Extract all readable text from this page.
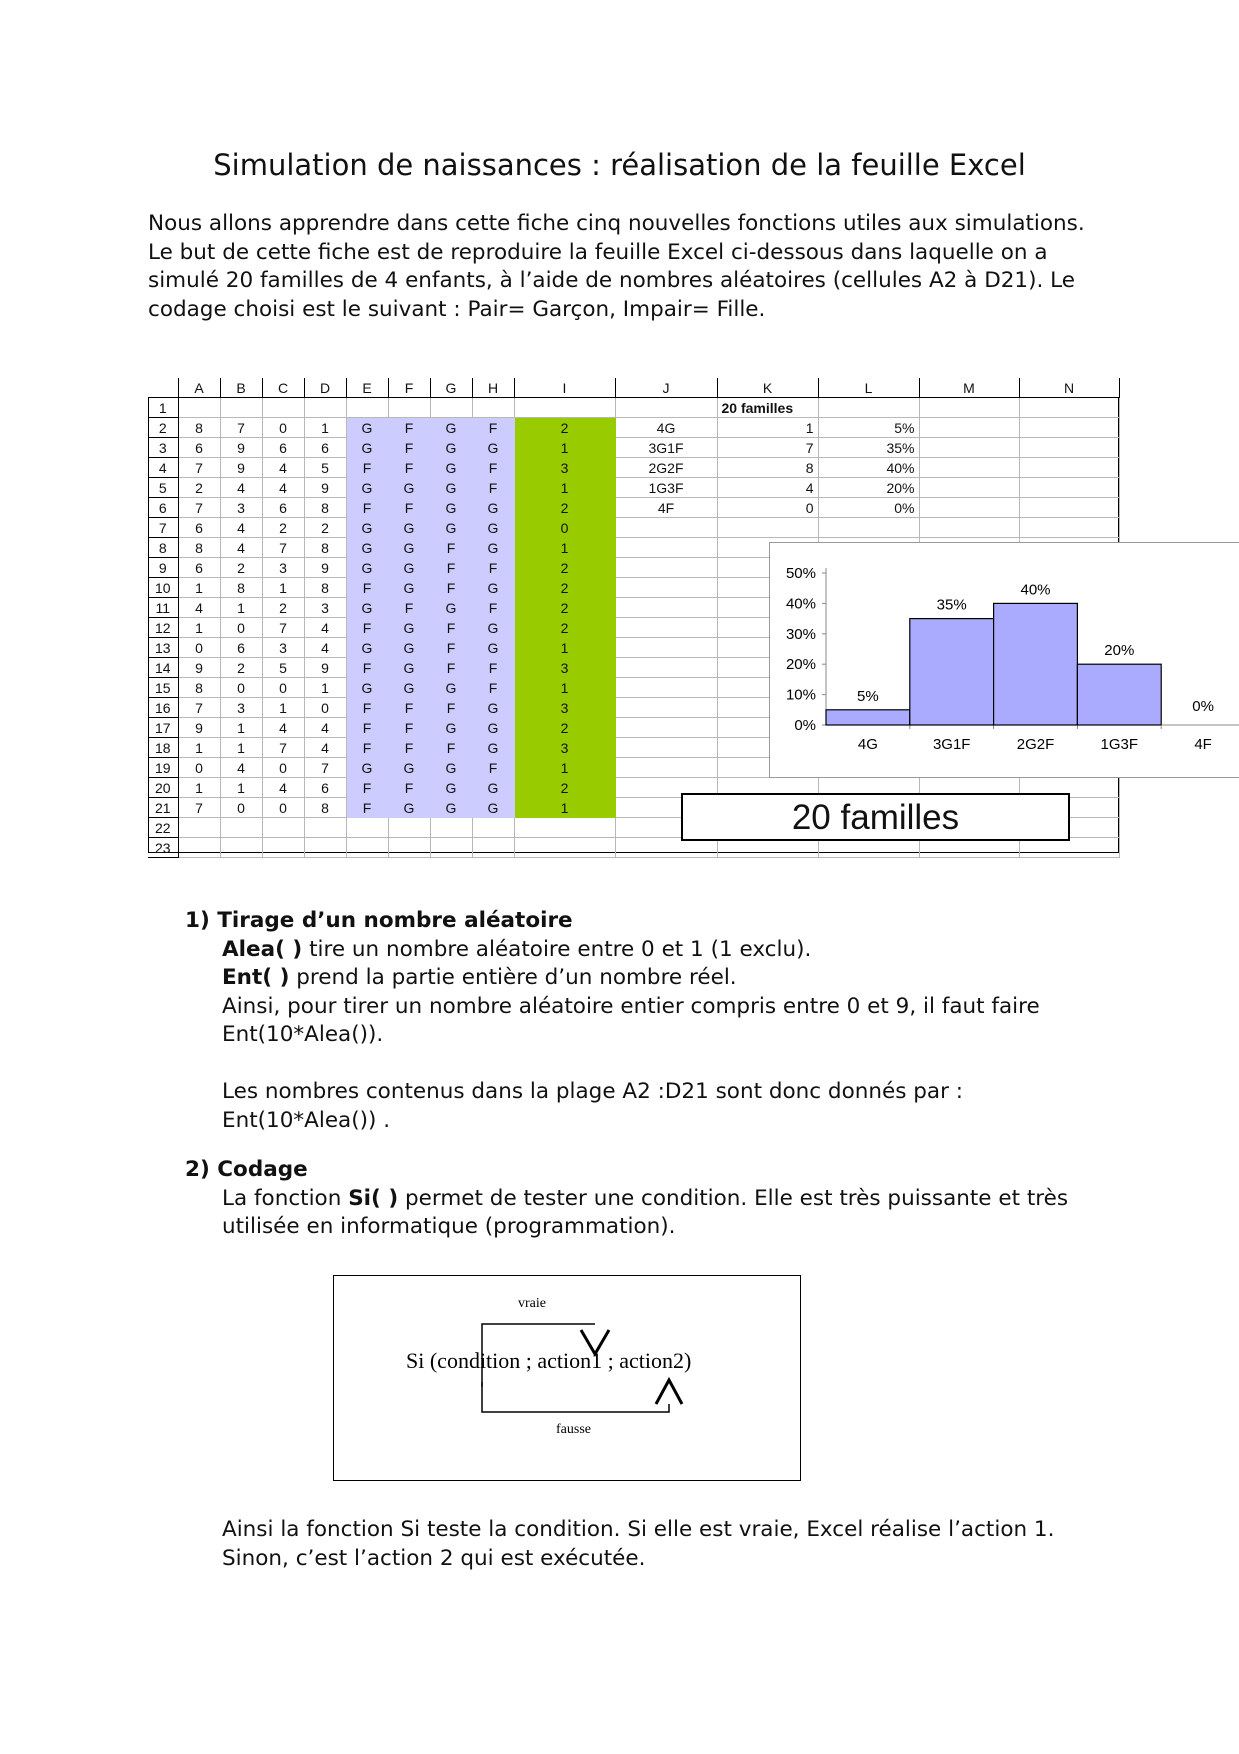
Simulation de naissances : réalisation de la feuille Excel

Nous allons apprendre dans cette fiche cinq nouvelles fonctions utiles aux simulations.

Le but de cette fiche est de reproduire la feuille Excel ci-dessous dans laquelle on a simulé 20 familles de 4 enfants, à l’aide de nombres aléatoires (cellules A2 à D21). Le codage choisi est le suivant : Pair= Garçon, Impair= Fille.

	A	B	C	D	E	F	G	H	I	J	K	L	M	N
1											20 familles			
2	8	7	0	1	G	F	G	F	2	4G	1	5%		
3	6	9	6	6	G	F	G	G	1	3G1F	7	35%		
4	7	9	4	5	F	F	G	F	3	2G2F	8	40%		
5	2	4	4	9	G	G	G	F	1	1G3F	4	20%		
6	7	3	6	8	F	F	G	G	2	4F	0	0%		
7	6	4	2	2	G	G	G	G	0					
8	8	4	7	8	G	G	F	G	1					
9	6	2	3	9	G	G	F	F	2					
10	1	8	1	8	F	G	F	G	2					
11	4	1	2	3	G	F	G	F	2					
12	1	0	7	4	F	G	F	G	2					
13	0	6	3	4	G	G	F	G	1					
14	9	2	5	9	F	G	F	F	3					
15	8	0	0	1	G	G	G	F	1					
16	7	3	1	0	F	F	F	G	3					
17	9	1	4	4	F	F	G	G	2					
18	1	1	7	4	F	F	F	G	3					
19	0	4	0	7	G	G	G	F	1					
20	1	1	4	6	F	F	G	G	2					
21	7	0	0	8	F	G	G	G	1					
22														
23														
0%
10%
20%
30%
40%
50%
5%
4G
35%
3G1F
40%
2G2F
20%
1G3F
0%
4F
20 familles
1) Tirage d’un nombre aléatoire

Alea( ) tire un nombre aléatoire entre 0 et 1 (1 exclu).

Ent( ) prend la partie entière d’un nombre réel.

Ainsi, pour tirer un nombre aléatoire entier compris entre 0 et 9, il faut faire Ent(10*Alea()).

Les nombres contenus dans la plage A2 :D21 sont donc donnés par : Ent(10*Alea()) .

2) Codage

La fonction Si( ) permet de tester une condition. Elle est très puissante et très utilisée en informatique (programmation).

vraie
Si (condition ; action1 ; action2)
fausse

Ainsi la fonction Si teste la condition. Si elle est vraie, Excel réalise l’action 1. Sinon, c’est l’action 2 qui est exécutée.
